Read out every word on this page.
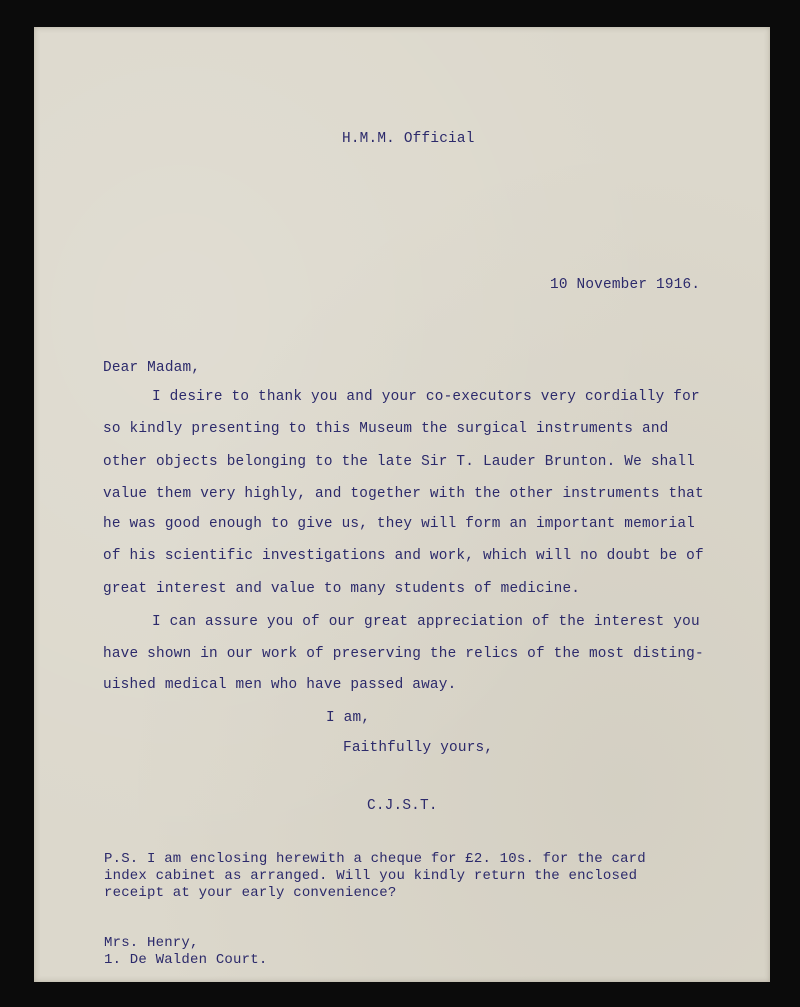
H.M.M. Official

10 November 1916.

Dear Madam,

I desire to thank you and your co-executors very cordially for

so kindly presenting to this Museum the surgical instruments and

other objects belonging to the late Sir T. Lauder Brunton. We shall

value them very highly, and together with the other instruments that

he was good enough to give us, they will form an important memorial

of his scientific investigations and work, which will no doubt be of

great interest and value to many students of medicine.

I can assure you of our great appreciation of the interest you

have shown in our work of preserving the relics of the most disting-

uished medical men who have passed away.

I am,

Faithfully yours,

C.J.S.T.

P.S. I am enclosing herewith a cheque for £2. 10s. for the card

index cabinet as arranged. Will you kindly return the enclosed

receipt at your early convenience?

Mrs. Henry,

1. De Walden Court.
